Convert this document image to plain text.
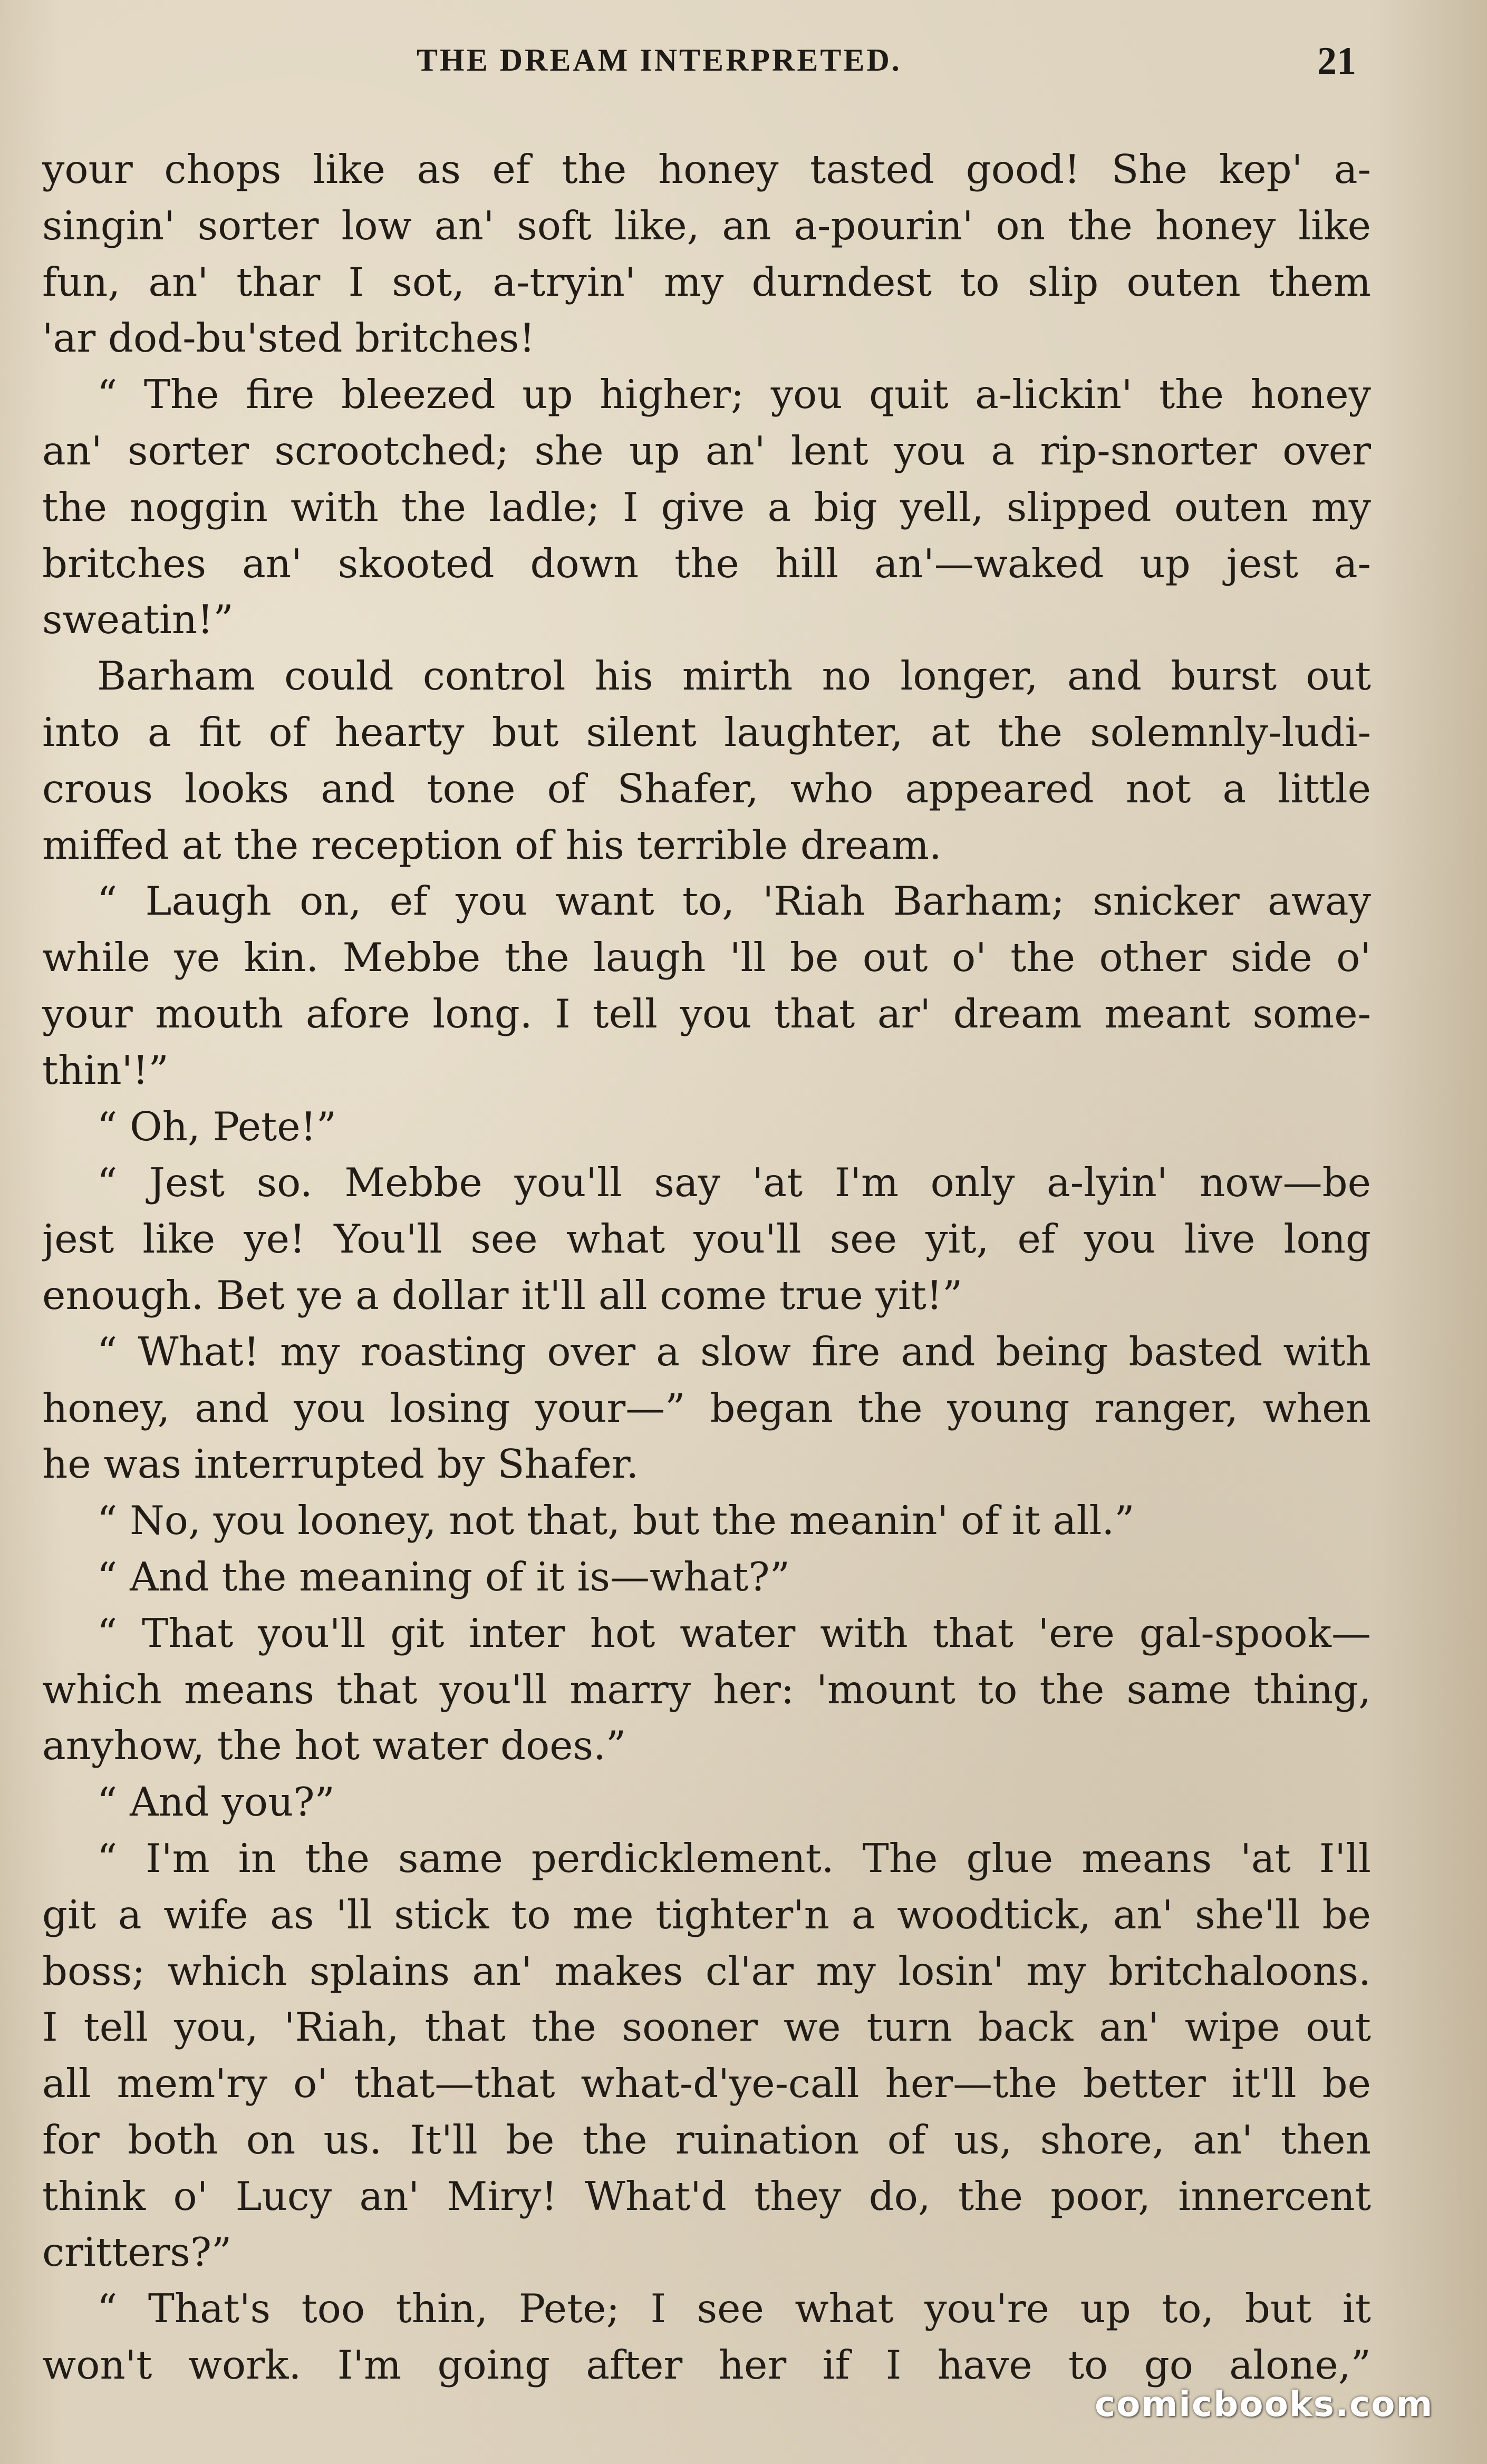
THE DREAM INTERPRETED.	21
your chops like as ef the honey tasted good! She kep' a-
singin' sorter low an' soft like, an a-pourin' on the honey like
fun, an' thar I sot, a-tryin' my durndest to slip outen them
'ar dod-bu'sted britches!
“ The fire bleezed up higher; you quit a-lickin' the honey
an' sorter scrootched; she up an' lent you a rip-snorter over
the noggin with the ladle; I give a big yell, slipped outen my
britches an' skooted down the hill an'—waked up jest a-
sweatin!”
Barham could control his mirth no longer, and burst out
into a fit of hearty but silent laughter, at the solemnly-ludi-
crous looks and tone of Shafer, who appeared not a little
miffed at the reception of his terrible dream.
“ Laugh on, ef you want to, 'Riah Barham; snicker away
while ye kin. Mebbe the laugh 'll be out o' the other side o'
your mouth afore long. I tell you that ar' dream meant some-
thin'!”
“ Oh, Pete!”
“ Jest so. Mebbe you'll say 'at I'm only a-lyin' now—be
jest like ye! You'll see what you'll see yit, ef you live long
enough. Bet ye a dollar it'll all come true yit!”
“ What! my roasting over a slow fire and being basted with
honey, and you losing your—” began the young ranger, when
he was interrupted by Shafer.
“ No, you looney, not that, but the meanin' of it all.”
“ And the meaning of it is—what?”
“ That you'll git inter hot water with that 'ere gal-spook—
which means that you'll marry her: 'mount to the same thing,
anyhow, the hot water does.”
“ And you?”
“ I'm in the same perdicklement. The glue means 'at I'll
git a wife as 'll stick to me tighter'n a woodtick, an' she'll be
boss; which splains an' makes cl'ar my losin' my britchaloons.
I tell you, 'Riah, that the sooner we turn back an' wipe out
all mem'ry o' that—that what-d'ye-call her—the better it'll be
for both on us. It'll be the ruination of us, shore, an' then
think o' Lucy an' Miry! What'd they do, the poor, innercent
critters?”
“ That's too thin, Pete; I see what you're up to, but it
won't work. I'm going after her if I have to go alone,”
comicbooks.com
